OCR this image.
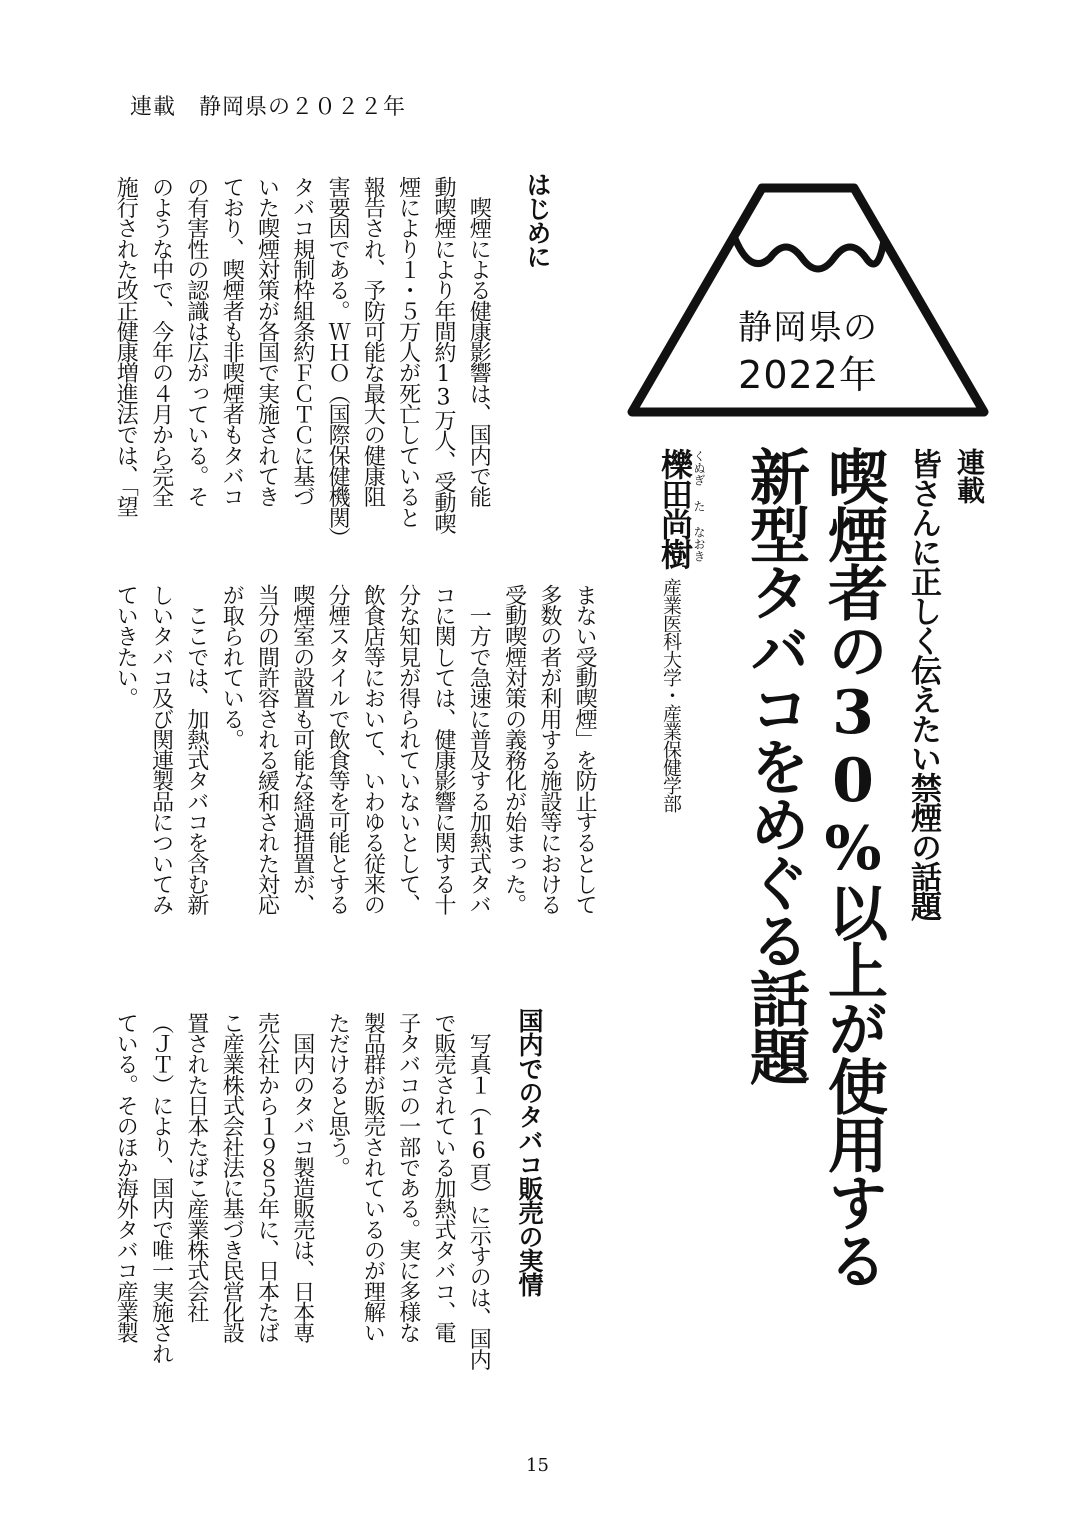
連載　静岡県の２０２２年
静岡県の
2022年
連載
皆さんに正しく伝えたい禁煙の話題
喫煙者の30%以上が使用する
新型タバコをめぐる話題
くぬぎ た なおき
櫟田尚樹
産業医科大学・産業保健学部
はじめに
　喫煙による健康影響は、国内で能
動喫煙により年間約13万人、受動喫
煙により１・５万人が死亡していると
報告され、予防可能な最大の健康阻
害要因である。ＷＨＯ（国際保健機関）
タバコ規制枠組条約ＦＣＴＣに基づ
いた喫煙対策が各国で実施されてき
ており、喫煙者も非喫煙者もタバコ
の有害性の認識は広がっている。そ
のような中で、今年の４月から完全
施行された改正健康増進法では、「望
まない受動喫煙」を防止するとして
多数の者が利用する施設等における
受動喫煙対策の義務化が始まった。
　一方で急速に普及する加熱式タバ
コに関しては、健康影響に関する十
分な知見が得られていないとして、
飲食店等において、いわゆる従来の
分煙スタイルで飲食等を可能とする
喫煙室の設置も可能な経過措置が、
当分の間許容される緩和された対応
が取られている。
　ここでは、加熱式タバコを含む新
しいタバコ及び関連製品についてみ
ていきたい。
国内でのタバコ販売の実情
　写真１（16頁）に示すのは、国内
で販売されている加熱式タバコ、電
子タバコの一部である。実に多様な
製品群が販売されているのが理解い
ただけると思う。
　国内のタバコ製造販売は、日本専
売公社から１９８５年に、日本たば
こ産業株式会社法に基づき民営化設
置された日本たばこ産業株式会社
（ＪＴ）により、国内で唯一実施され
ている。そのほか海外タバコ産業製
15
